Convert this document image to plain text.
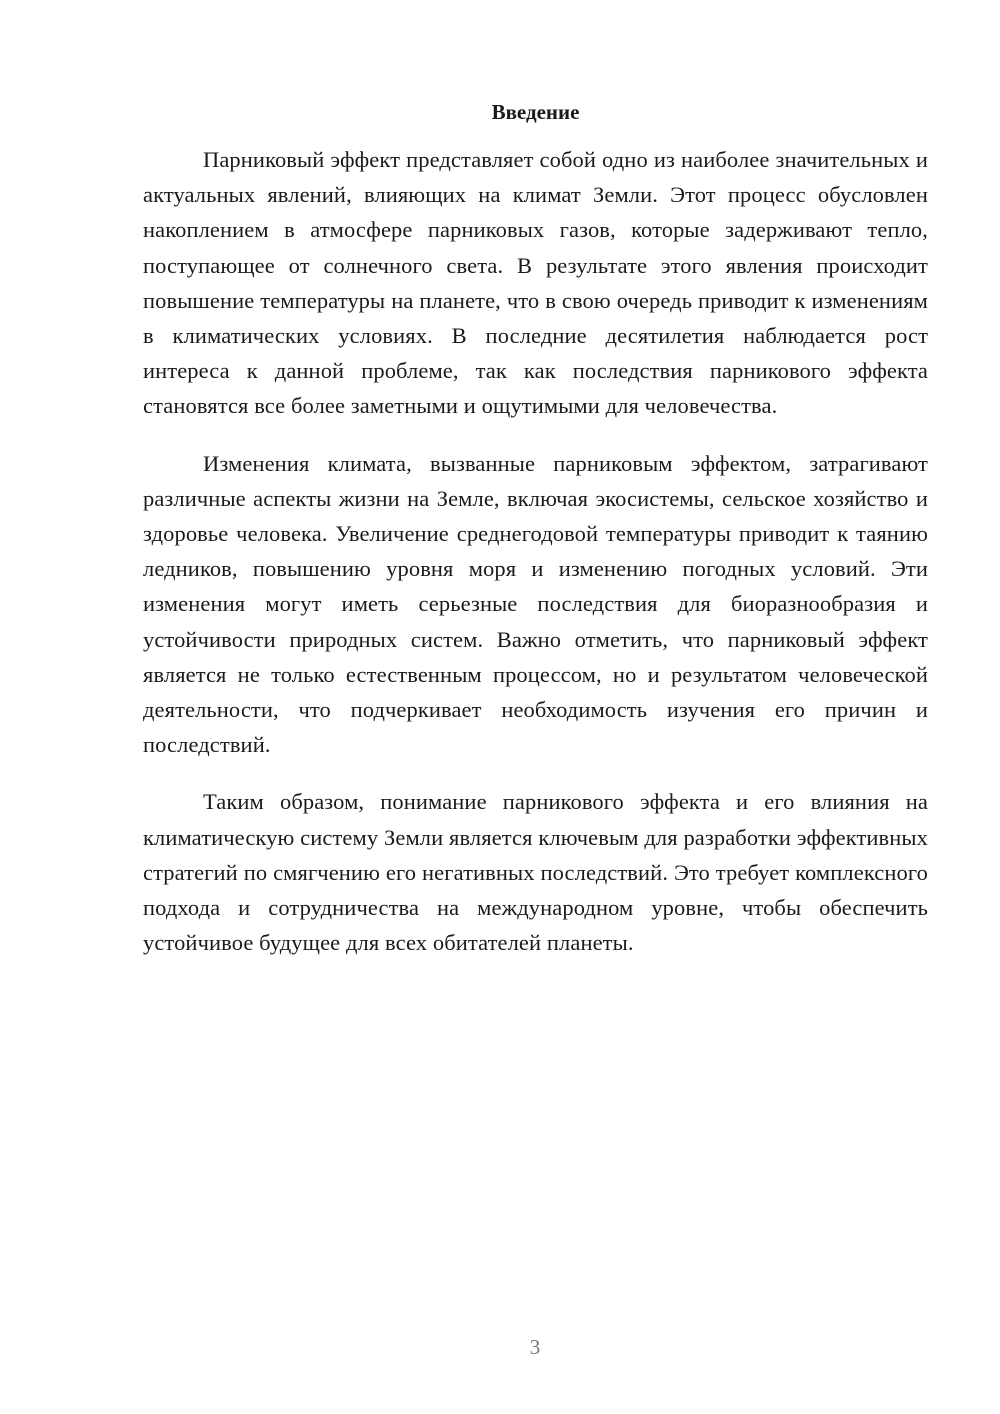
Введение

Парниковый эффект представляет собой одно из наиболее значительных и актуальных явлений, влияющих на климат Земли. Этот процесс обусловлен накоплением в атмосфере парниковых газов, которые задерживают тепло, поступающее от солнечного света. В результате этого явления происходит повышение температуры на планете, что в свою очередь приводит к изменениям в климатических условиях. В последние десятилетия наблюдается рост интереса к данной проблеме, так как последствия парникового эффекта становятся все более заметными и ощутимыми для человечества.

Изменения климата, вызванные парниковым эффектом, затрагивают различные аспекты жизни на Земле, включая экосистемы, сельское хозяйство и здоровье человека. Увеличение среднегодовой температуры приводит к таянию ледников, повышению уровня моря и изменению погодных условий. Эти изменения могут иметь серьезные последствия для биоразнообразия и устойчивости природных систем. Важно отметить, что парниковый эффект является не только естественным процессом, но и результатом человеческой деятельности, что подчеркивает необходимость изучения его причин и последствий.

Таким образом, понимание парникового эффекта и его влияния на климатическую систему Земли является ключевым для разработки эффективных стратегий по смягчению его негативных последствий. Это требует комплексного подхода и сотрудничества на международном уровне, чтобы обеспечить устойчивое будущее для всех обитателей планеты.

3
